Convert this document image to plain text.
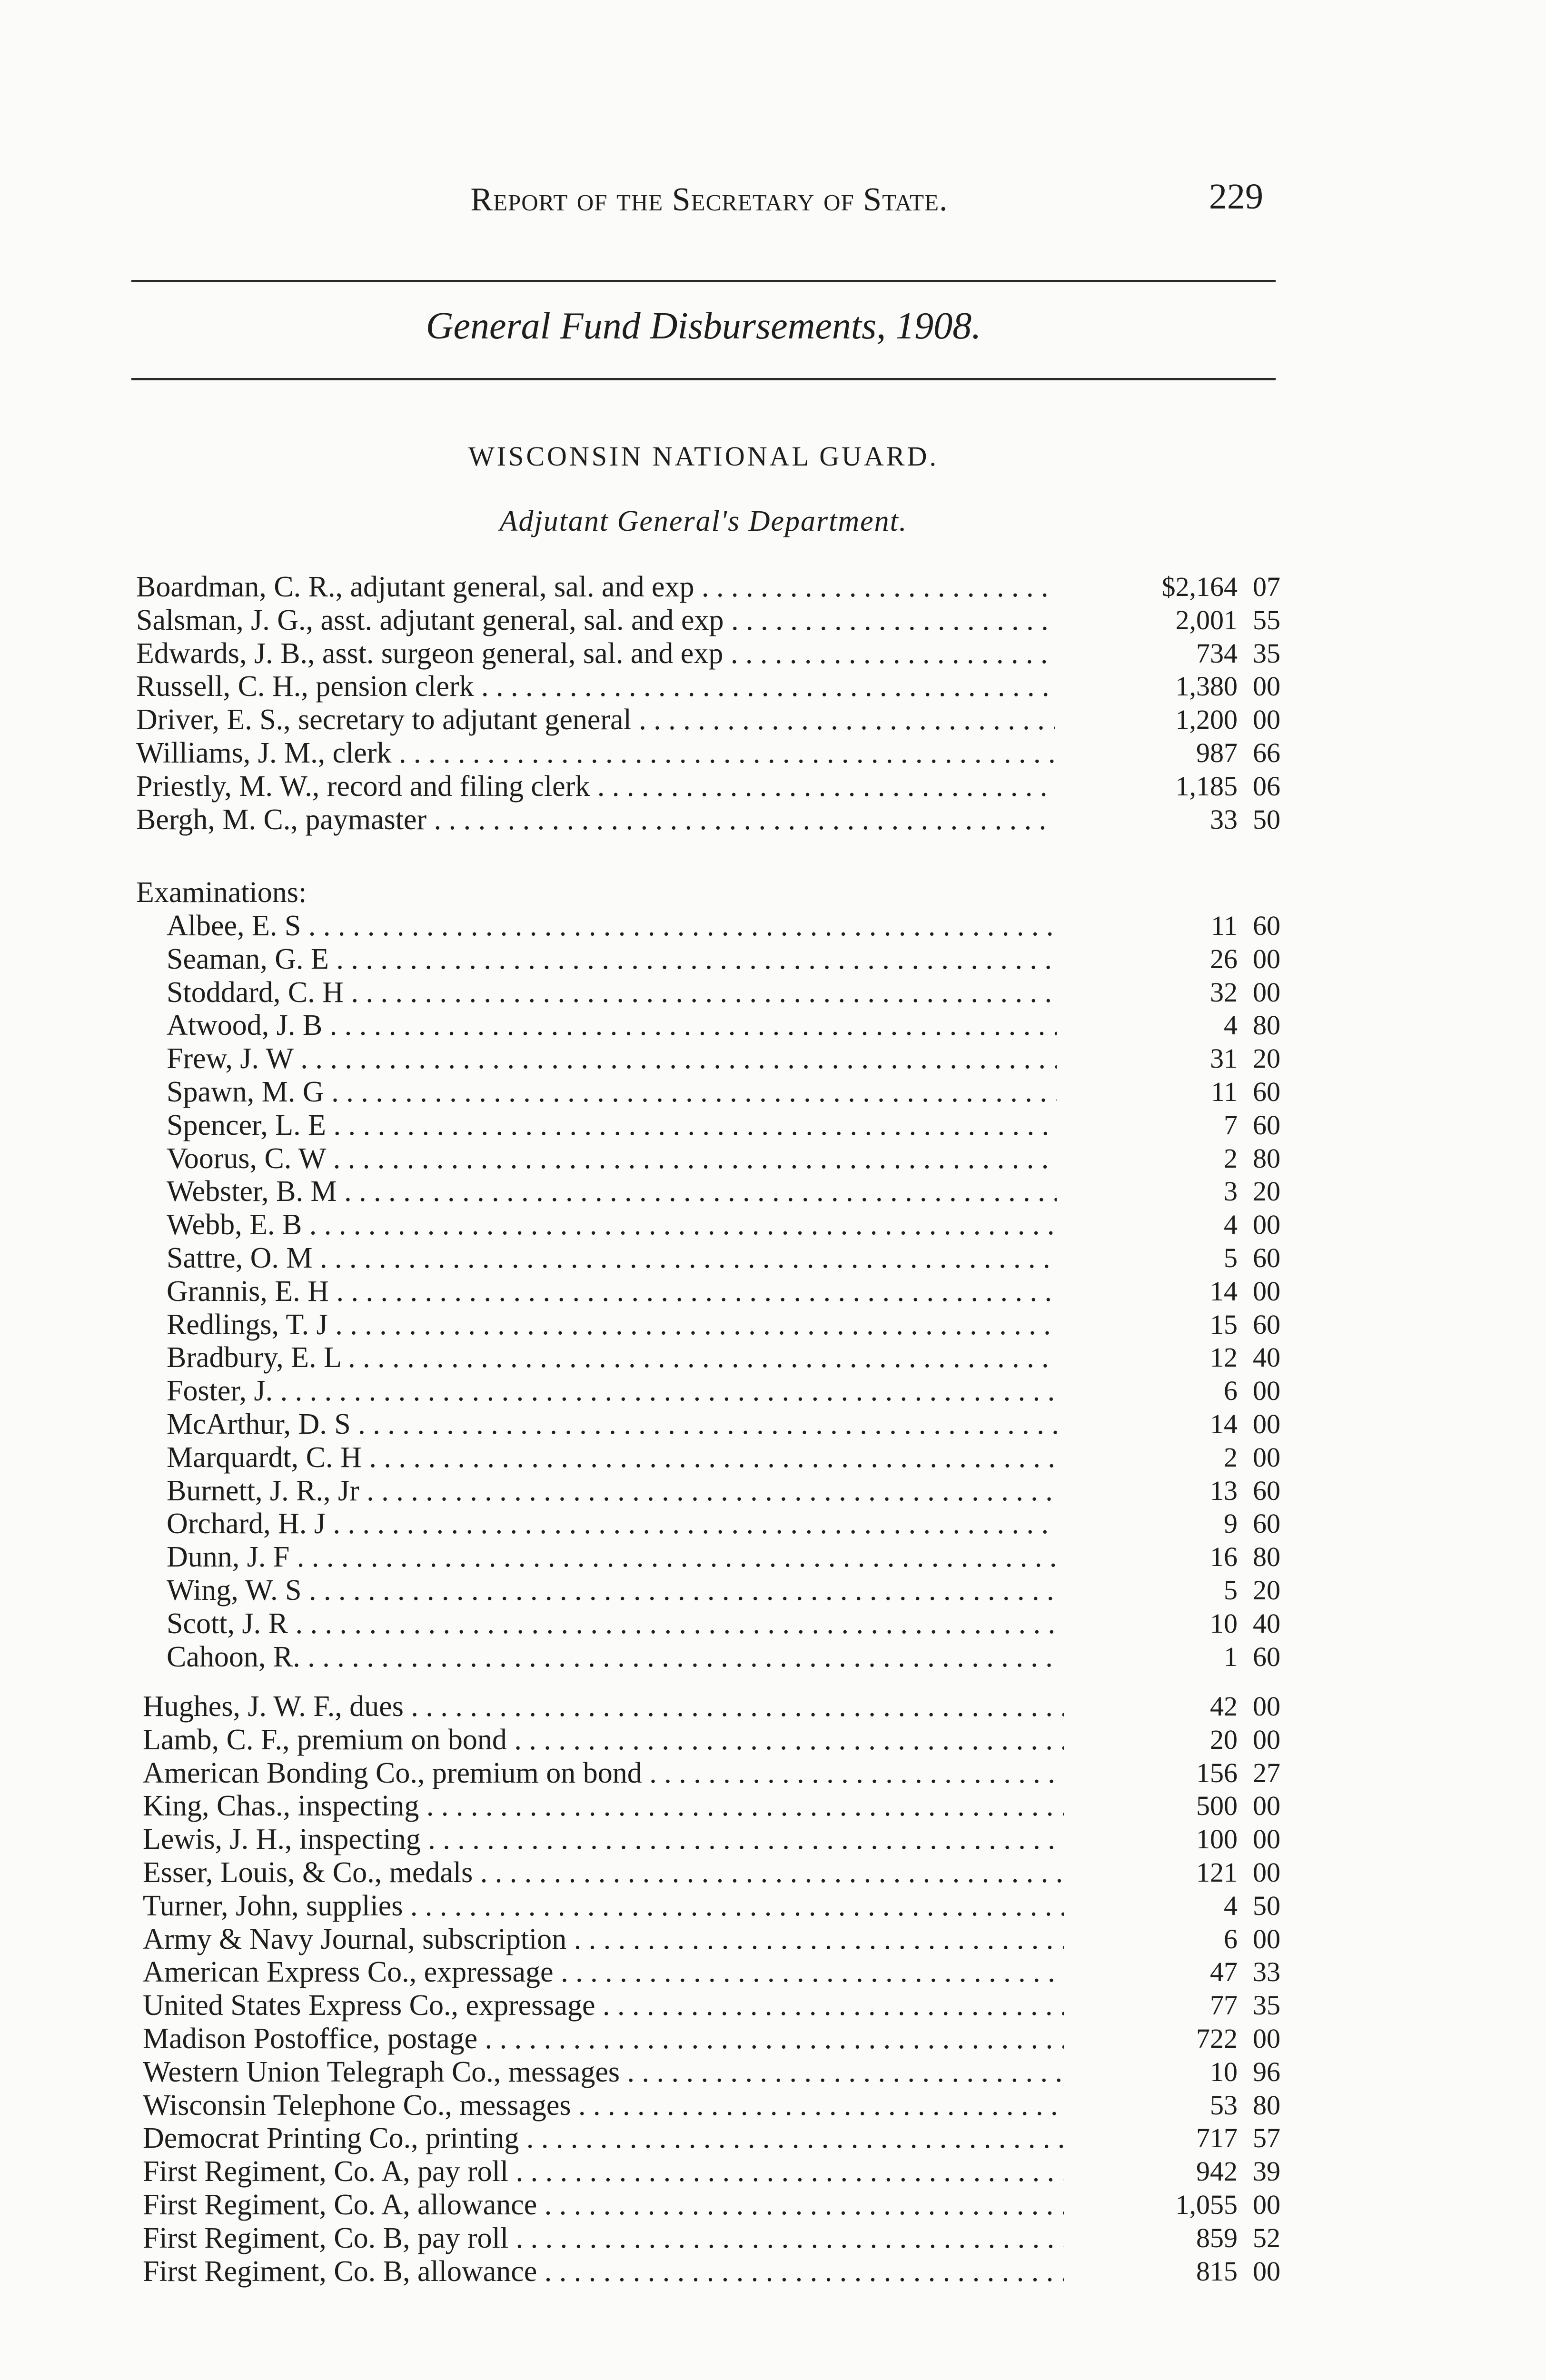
Report of the Secretary of State.	229
General Fund Disbursements, 1908.
WISCONSIN NATIONAL GUARD.
Adjutant General's Department.
Examinations:
Boardman, C. R., adjutant general, sal. and exp . . .	$2,164 07
Salsman, J. G., asst. adjutant general, sal. and exp . . .	2,001 55
Edwards, J. B., asst. surgeon general, sal. and exp . . .	734 35
Russell, C. H., pension clerk . . .	1,380 00
Driver, E. S., secretary to adjutant general . . .	1,200 00
Williams, J. M., clerk . . .	987 66
Priestly, M. W., record and filing clerk . . .	1,185 06
Bergh, M. C., paymaster . . .	33 50
Albee, E. S . . .	11 60
Seaman, G. E . . .	26 00
Stoddard, C. H . . .	32 00
Atwood, J. B . . .	4 80
Frew, J. W . . .	31 20
Spawn, M. G . . .	11 60
Spencer, L. E . . .	7 60
Voorus, C. W . . .	2 80
Webster, B. M . . .	3 20
Webb, E. B . . .	4 00
Sattre, O. M . . .	5 60
Grannis, E. H . . .	14 00
Redlings, T. J . . .	15 60
Bradbury, E. L . . .	12 40
Foster, J. . . .	6 00
McArthur, D. S . . .	14 00
Marquardt, C. H . . .	2 00
Burnett, J. R., Jr . . .	13 60
Orchard, H. J . . .	9 60
Dunn, J. F . . .	16 80
Wing, W. S . . .	5 20
Scott, J. R . . .	10 40
Cahoon, R. . . .	1 60
Hughes, J. W. F., dues . . .	42 00
Lamb, C. F., premium on bond . . .	20 00
American Bonding Co., premium on bond . . .	156 27
King, Chas., inspecting . . .	500 00
Lewis, J. H., inspecting . . .	100 00
Esser, Louis, & Co., medals . . .	121 00
Turner, John, supplies . . .	4 50
Army & Navy Journal, subscription . . .	6 00
American Express Co., expressage . . .	47 33
United States Express Co., expressage . . .	77 35
Madison Postoffice, postage . . .	722 00
Western Union Telegraph Co., messages . . .	10 96
Wisconsin Telephone Co., messages . . .	53 80
Democrat Printing Co., printing . . .	717 57
First Regiment, Co. A, pay roll . . .	942 39
First Regiment, Co. A, allowance . . .	1,055 00
First Regiment, Co. B, pay roll . . .	859 52
First Regiment, Co. B, allowance . . .	815 00
